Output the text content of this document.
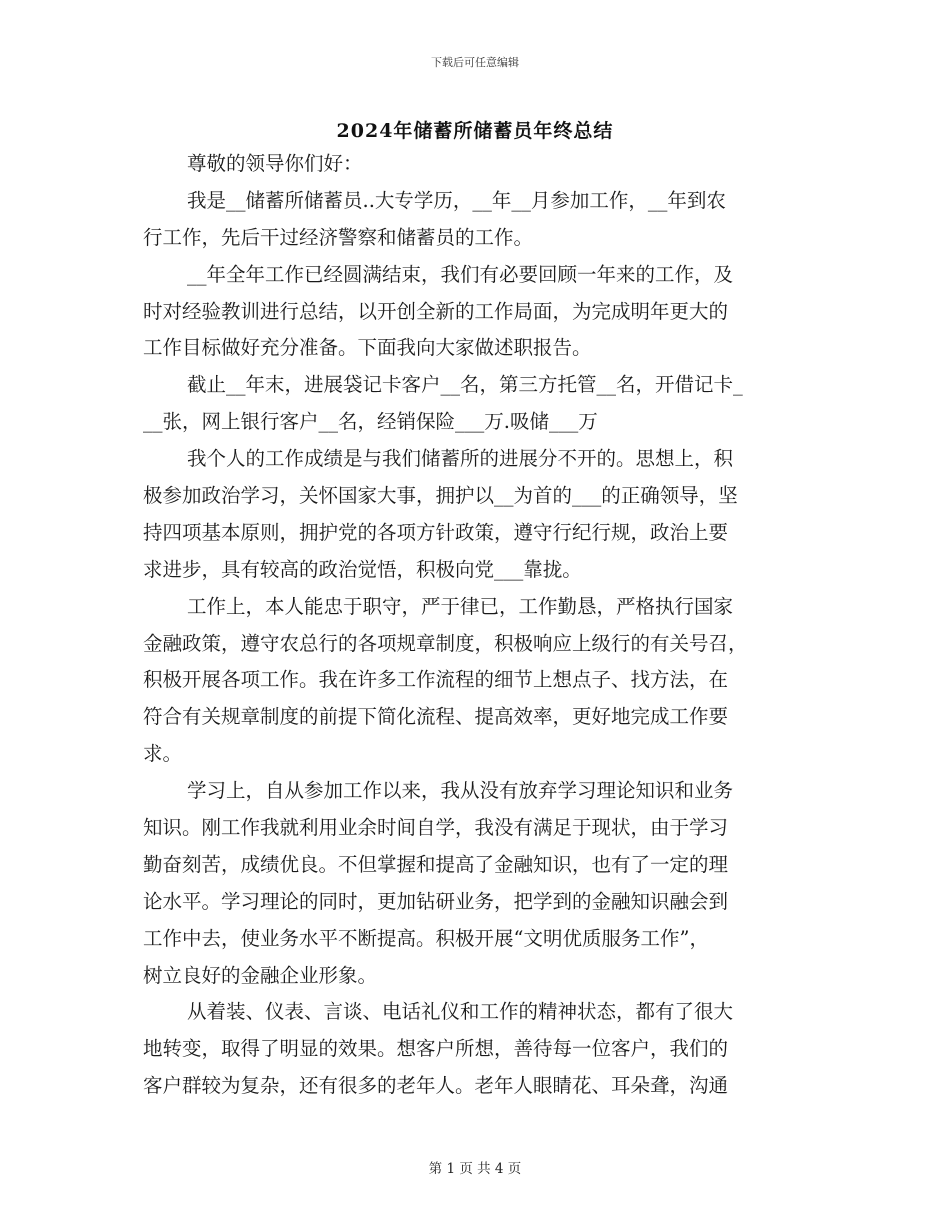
下载后可任意编辑
2024年储蓄所储蓄员年终总结
尊敬的领导你们好：
我是__储蓄所储蓄员..大专学历，__年__月参加工作，__年到农
行工作，先后干过经济警察和储蓄员的工作。
__年全年工作已经圆满结束，我们有必要回顾一年来的工作，及
时对经验教训进行总结，以开创全新的工作局面，为完成明年更大的
工作目标做好充分准备。下面我向大家做述职报告。
截止__年末，进展袋记卡客户__名，第三方托管__名，开借记卡_
__张，网上银行客户__名，经销保险___万.吸储___万
我个人的工作成绩是与我们储蓄所的进展分不开的。思想上，积
极参加政治学习，关怀国家大事，拥护以__为首的___的正确领导，坚
持四项基本原则，拥护党的各项方针政策，遵守行纪行规，政治上要
求进步，具有较高的政治觉悟，积极向党___靠拢。
工作上，本人能忠于职守，严于律已，工作勤恳，严格执行国家
金融政策，遵守农总行的各项规章制度，积极响应上级行的有关号召，
积极开展各项工作。我在许多工作流程的细节上想点子、找方法，在
符合有关规章制度的前提下简化流程、提高效率，更好地完成工作要
求。
学习上，自从参加工作以来，我从没有放弃学习理论知识和业务
知识。刚工作我就利用业余时间自学，我没有满足于现状，由于学习
勤奋刻苦，成绩优良。不但掌握和提高了金融知识，也有了一定的理
论水平。学习理论的同时，更加钻研业务，把学到的金融知识融会到
工作中去，使业务水平不断提高。积极开展“文明优质服务工作”，
树立良好的金融企业形象。
从着装、仪表、言谈、电话礼仪和工作的精神状态，都有了很大
地转变，取得了明显的效果。想客户所想，善待每一位客户，我们的
客户群较为复杂，还有很多的老年人。老年人眼睛花、耳朵聋，沟通
第 1 页 共 4 页
